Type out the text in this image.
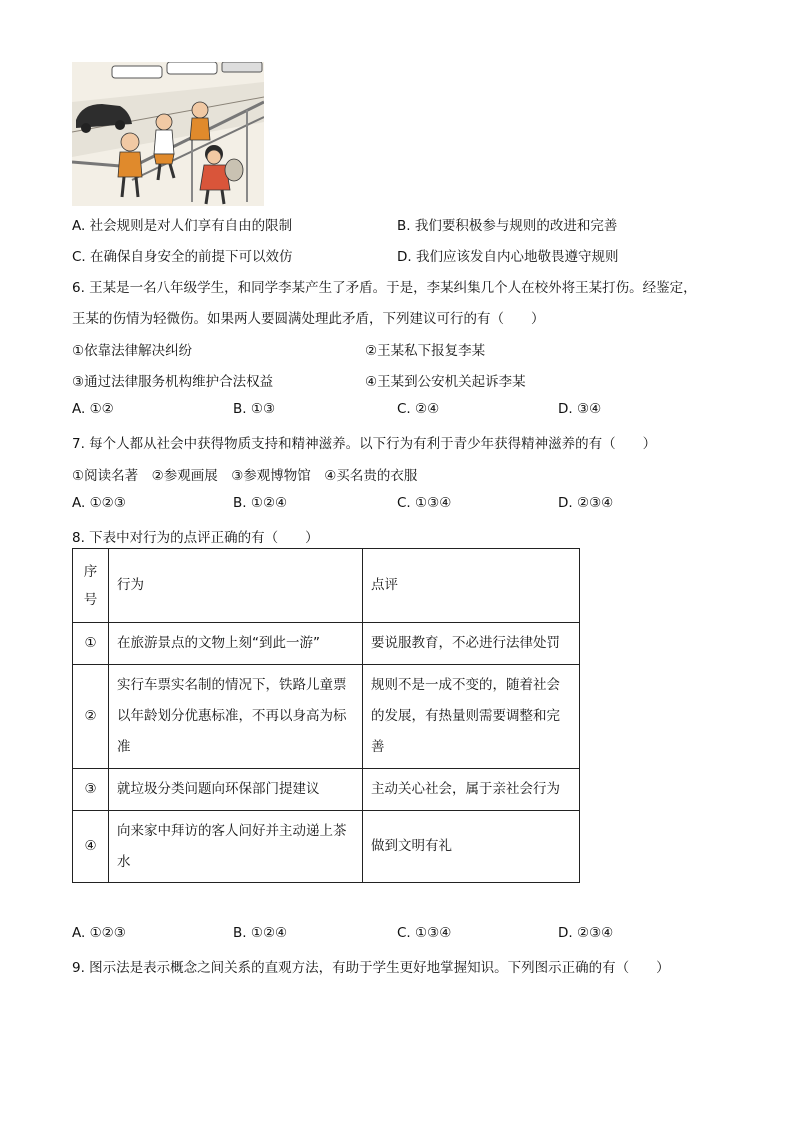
A. 社会规则是对人们享有自由的限制	B. 我们要积极参与规则的改进和完善
C. 在确保自身安全的前提下可以效仿	D. 我们应该发自内心地敬畏遵守规则
6. 王某是一名八年级学生，和同学李某产生了矛盾。于是，李某纠集几个人在校外将王某打伤。经鉴定，
王某的伤情为轻微伤。如果两人要圆满处理此矛盾，下列建议可行的有（　　）
①依靠法律解决纠纷	②王某私下报复李某
③通过法律服务机构维护合法权益	④王某到公安机关起诉李某
A. ①②	B. ①③	C. ②④	D. ③④
7. 每个人都从社会中获得物质支持和精神滋养。以下行为有利于青少年获得精神滋养的有（　　）
①阅读名著　②参观画展　③参观博物馆　④买名贵的衣服
A. ①②③	B. ①②④	C. ①③④	D. ②③④
8. 下表中对行为的点评正确的有（　　）
序号	行为	点评
①	在旅游景点的文物上刻“到此一游”	要说服教育，不必进行法律处罚
②	实行车票实名制的情况下，铁路儿童票以年龄划分优惠标准，不再以身高为标准	规则不是一成不变的，随着社会的发展，有热量则需要调整和完善

③	就垃圾分类问题向环保部门提建议	主动关心社会，属于亲社会行为
④	向来家中拜访的客人问好并主动递上茶水	做到文明有礼
A. ①②③	B. ①②④	C. ①③④	D. ②③④
9. 图示法是表示概念之间关系的直观方法，有助于学生更好地掌握知识。下列图示正确的有（　　）
